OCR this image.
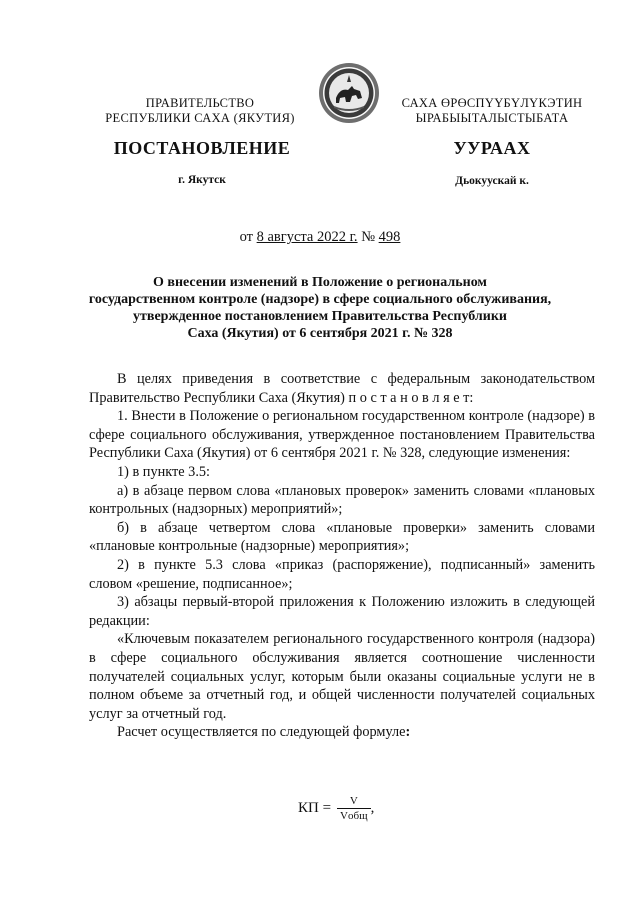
ПРАВИТЕЛЬСТВО
РЕСПУБЛИКИ САХА (ЯКУТИЯ)
САХА ӨРӨСПҮҮБҮЛҮКЭТИН
ЫРАБЫЫТАЛЫСТЫБАТА
ПОСТАНОВЛЕНИЕ	УУРААХ
г. Якутск	Дьокуускай к.
от 8 августа 2022 г. № 498
О внесении изменений в Положение о региональном
государственном контроле (надзоре) в сфере социального обслуживания,
утвержденное постановлением Правительства Республики
Саха (Якутия) от 6 сентября 2021 г. № 328

В целях приведения в соответствие с федеральным законодательством Правительство Республики Саха (Якутия) п о с т а н о в л я е т:

1. Внести в Положение о региональном государственном контроле (надзоре) в сфере социального обслуживания, утвержденное постановлением Правительства Республики Саха (Якутия) от 6 сентября 2021 г. № 328, следующие изменения:

1) в пункте 3.5:

а) в абзаце первом слова «плановых проверок» заменить словами «плановых контрольных (надзорных) мероприятий»;

б) в абзаце четвертом слова «плановые проверки» заменить словами «плановые контрольные (надзорные) мероприятия»;

2) в пункте 5.3 слова «приказ (распоряжение), подписанный» заменить словом «решение, подписанное»;

3) абзацы первый-второй приложения к Положению изложить в следующей редакции:

«Ключевым показателем регионального государственного контроля (надзора) в сфере социального обслуживания является соотношение численности получателей социальных услуг, которым были оказаны социальные услуги не в полном объеме за отчетный год, и общей численности получателей социальных услуг за отчетный год.

Расчет осуществляется по следующей формуле:

КП = $\frac{V}{\text{Vобщ}}$ ,
